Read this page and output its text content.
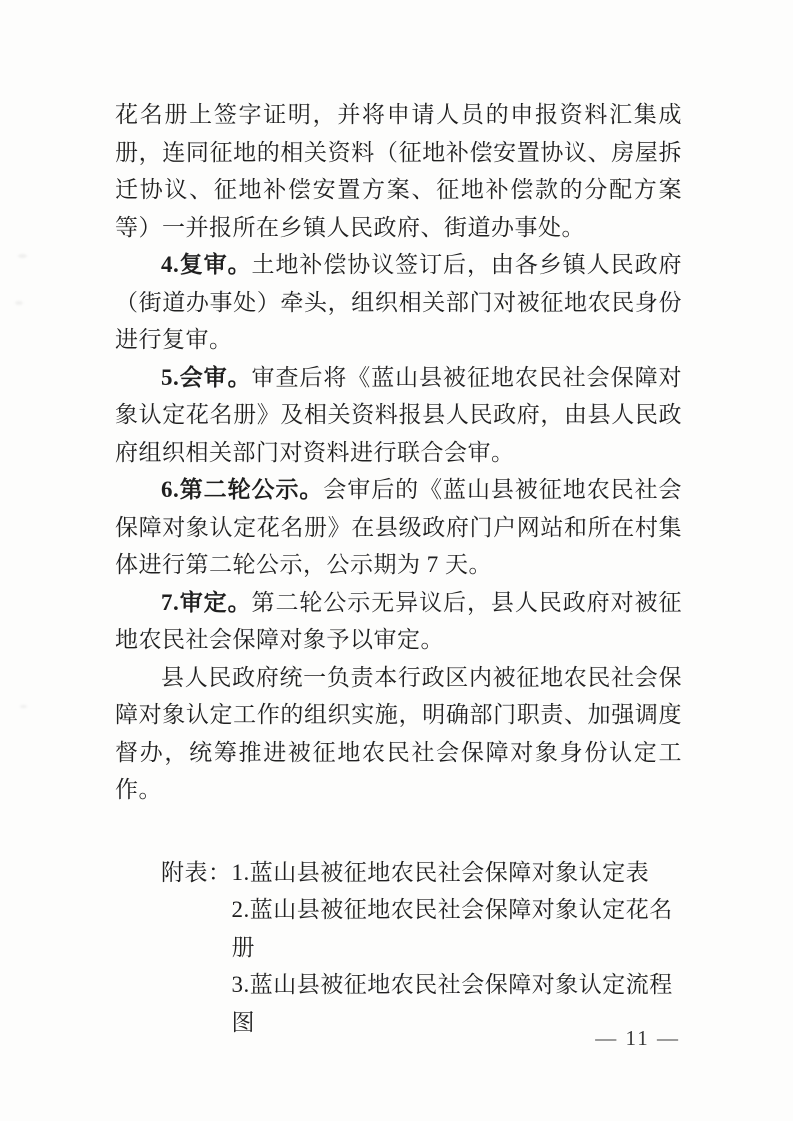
花名册上签字证明，并将申请人员的申报资料汇集成册，连同征地的相关资料（征地补偿安置协议、房屋拆迁协议、征地补偿安置方案、征地补偿款的分配方案等）一并报所在乡镇人民政府、街道办事处。

4.复审。土地补偿协议签订后，由各乡镇人民政府（街道办事处）牵头，组织相关部门对被征地农民身份进行复审。

5.会审。审查后将《蓝山县被征地农民社会保障对象认定花名册》及相关资料报县人民政府，由县人民政府组织相关部门对资料进行联合会审。

6.第二轮公示。会审后的《蓝山县被征地农民社会保障对象认定花名册》在县级政府门户网站和所在村集体进行第二轮公示，公示期为 7 天。

7.审定。第二轮公示无异议后，县人民政府对被征地农民社会保障对象予以审定。

县人民政府统一负责本行政区内被征地农民社会保障对象认定工作的组织实施，明确部门职责、加强调度督办，统筹推进被征地农民社会保障对象身份认定工作。

附表： 1.蓝山县被征地农民社会保障对象认定表
2.蓝山县被征地农民社会保障对象认定花名册
3.蓝山县被征地农民社会保障对象认定流程图
— 11 —
